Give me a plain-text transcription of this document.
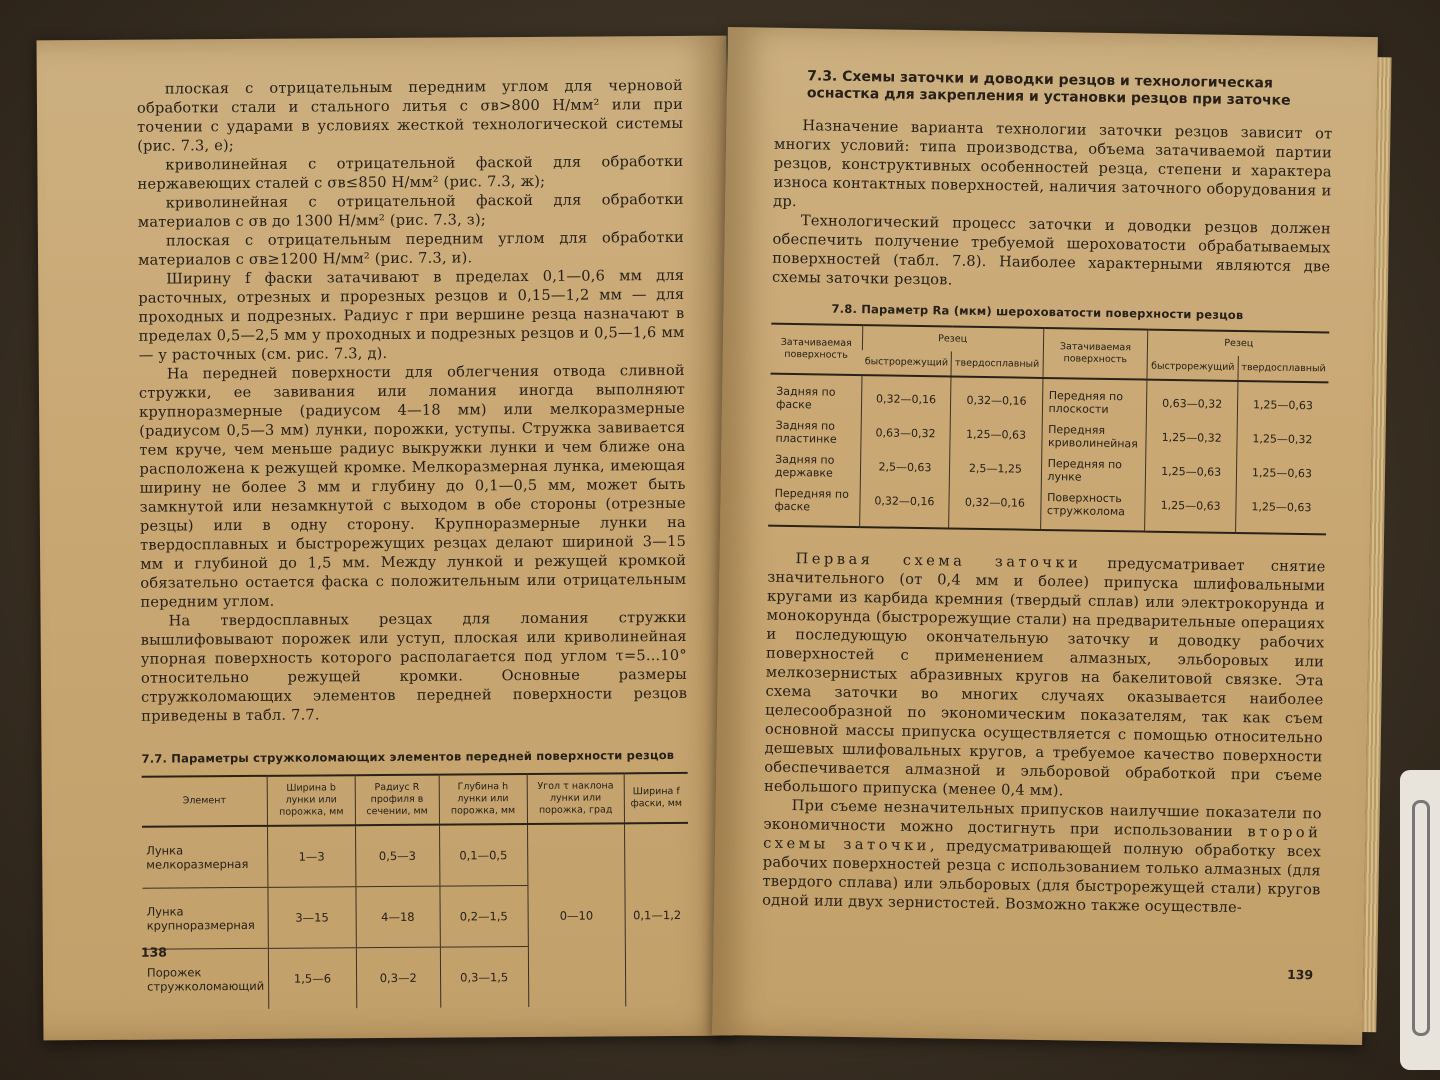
плоская с отрицательным передним углом для черновой обработки стали и стального литья с σв>800 Н/мм² или при точении с ударами в условиях жесткой технологической системы (рис. 7.3, е);

криволинейная с отрицательной фаской для обработки нержавеющих сталей с σв≤850 Н/мм² (рис. 7.3, ж);

криволинейная с отрицательной фаской для обработки материалов с σв до 1300 Н/мм² (рис. 7.3, з);

плоская с отрицательным передним углом для обработки материалов с σв≥1200 Н/мм² (рис. 7.3, и).

Ширину f фаски затачивают в пределах 0,1—0,6 мм для расточных, отрезных и прорезных резцов и 0,15—1,2 мм — для проходных и подрезных. Радиус r при вершине резца назначают в пределах 0,5—2,5 мм у проходных и подрезных резцов и 0,5—1,6 мм — у расточных (см. рис. 7.3, д).

На передней поверхности для облегчения отвода сливной стружки, ее завивания или ломания иногда выполняют крупноразмерные (радиусом 4—18 мм) или мелкоразмерные (радиусом 0,5—3 мм) лунки, порожки, уступы. Стружка завивается тем круче, чем меньше радиус выкружки лунки и чем ближе она расположена к режущей кромке. Мелкоразмерная лунка, имеющая ширину не более 3 мм и глубину до 0,1—0,5 мм, может быть замкнутой или незамкнутой с выходом в обе стороны (отрезные резцы) или в одну сторону. Крупноразмерные лунки на твердосплавных и быстрорежущих резцах делают шириной 3—15 мм и глубиной до 1,5 мм. Между лункой и режущей кромкой обязательно остается фаска с положительным или отрицательным передним углом.

На твердосплавных резцах для ломания стружки вышлифовывают порожек или уступ, плоская или криволинейная упорная поверхность которого располагается под углом τ=5...10° относительно режущей кромки. Основные размеры стружколомающих элементов передней поверхности резцов приведены в табл. 7.7.

7.7. Параметры стружколомающих элементов передней поверхности резцов
Элемент	Ширина b лунки или порожка, мм	Радиус R профиля в сечении, мм	Глубина h лунки или порожка, мм	Угол τ наклона лунки или порожка, град	Ширина f фаски, мм
Лунка мелкоразмерная	1—3	0,5—3	0,1—0,5	0—10	0,1—1,2
Лунка крупноразмерная	3—15	4—18	0,2—1,5		
Порожек стружколомающий	1,5—6	0,3—2	0,3—1,5		
138
7.3. Схемы заточки и доводки резцов и технологическая оснастка для закрепления и установки резцов при заточке

Назначение варианта технологии заточки резцов зависит от многих условий: типа производства, объема затачиваемой партии резцов, конструктивных особенностей резца, степени и характера износа контактных поверхностей, наличия заточного оборудования и др.

Технологический процесс заточки и доводки резцов должен обеспечить получение требуемой шероховатости обрабатываемых поверхностей (табл. 7.8). Наиболее характерными являются две схемы заточки резцов.

7.8. Параметр Ra (мкм) шероховатости поверхности резцов
Затачиваемая поверхность	Резец		Затачиваемая поверхность	Резец	
	быстрорежущий	твердосплавный		быстрорежущий	твердосплавный
Задняя по фаске	0,32—0,16	0,32—0,16	Передняя по плоскости	0,63—0,32	1,25—0,63
Задняя по пластинке	0,63—0,32	1,25—0,63	Передняя криволинейная	1,25—0,32	1,25—0,32
Задняя по державке	2,5—0,63	2,5—1,25	Передняя по лунке	1,25—0,63	1,25—0,63
Передняя по фаске	0,32—0,16	0,32—0,16	Поверхность стружколома	1,25—0,63	1,25—0,63

Первая схема заточки предусматривает снятие значительного (от 0,4 мм и более) припуска шлифовальными кругами из карбида кремния (твердый сплав) или электрокорунда и монокорунда (быстрорежущие стали) на предварительные операциях и последующую окончательную заточку и доводку рабочих поверхностей с применением алмазных, эльборовых или мелкозернистых абразивных кругов на бакелитовой связке. Эта схема заточки во многих случаях оказывается наиболее целесообразной по экономическим показателям, так как съем основной массы припуска осуществляется с помощью относительно дешевых шлифовальных кругов, а требуемое качество поверхности обеспечивается алмазной и эльборовой обработкой при съеме небольшого припуска (менее 0,4 мм).

При съеме незначительных припусков наилучшие показатели по экономичности можно достигнуть при использовании второй схемы заточки, предусматривающей полную обработку всех рабочих поверхностей резца с использованием только алмазных (для твердого сплава) или эльборовых (для быстрорежущей стали) кругов одной или двух зернистостей. Возможно также осуществле-

139
